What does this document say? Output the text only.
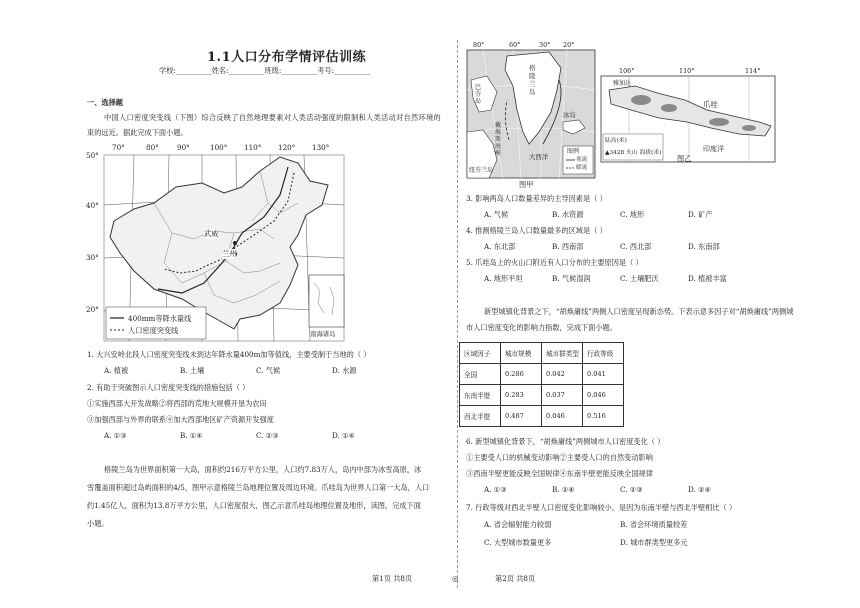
1.1人口分布学情评估训练
学校:__________姓名:__________班级:__________考号:__________
一、选择题
中国人口密度突变线（下图）综合反映了自然地理要素对人类活动强度的限制和人类活动对自然环境的
束的远近。据此完成下面小题。
70°	80°	90°	100° 110° 120° 130°
50°
40°
30°
20°
武威
兰州
400mm等降水量线
人口密度突变线	南海诸岛
1. 大兴安岭北段人口密度突变线未到达年降水量400m加等值线，主要受制于当地的（ ）
A. 植被	B. 土壤	C. 气候	D. 水源
2. 有助于突破图示人口密度突变线的措施包括（ ）
①实施西部大开发战略②将西部的荒地大规模开垦为农田
③加强西部与外界的联系④加大西部地区矿产资源开发强度
A. ①③	B. ①④	C. ②③	D. ①④
格陵兰岛为世界面积第一大岛，面积约216万平方公里，人口约7.83万人，岛内中部为冰雪高原，冰
雪覆盖面积超过岛屿面积的4/5，图甲示意格陵兰岛地理位置及周边环境。爪哇岛为世界人口第一大岛，人口
约1.45亿人，面积为13.8万平方公里，人口密度很大，图乙示意爪哇岛地理位置及地形，读图，完成下面
小题。
80°	60°	30° 20°
格陵兰岛
冰岛
大西洋
纽芬兰岛
巴芬岛
戴维斯海峡	图例
寒流
暖流
图甲
106°	110°	114°
雅加达
爪哇
印度洋
陆高(米)
▲3428 火山 海拔(米)
图乙
3. 影响两岛人口数量差异的主导因素是（ ）
A. 气候	B. 水资源	C. 地形	D. 矿产
4. 推测格陵兰岛人口数量最多的区域是（ ）
A. 东北部	B. 西南部	C. 西北部	D. 东南部
5. 爪哇岛上的火山口附近有人口分布的主要原因是（ ）
A. 地形平坦	B. 气候湿润	C. 土壤肥沃	D. 植被丰富
新型城镇化背景之下，“胡焕庸线”两侧人口密度呈现新态势。下表示意多因子对“胡焕庸线”两侧城
市人口密度变化的影响力指数，完成下面小题。
区域因子	城市规模	城市群类型	行政等级
全国	0.286	0.042	0.041
东南半壁	0.283	0.037	0.046
西北半壁	0.487	0.046	0.516
6. 新型城镇化背景下，“胡焕庸线”两侧城市人口密度变化（ ）
①主要受人口的机械变动影响②主要受人口的自然变动影响
③西南半壁更能反映全国规律④东南半壁更能反映全国规律
A. ①③	B. ②④	C. ②③	D. ②④
7. 行政等级对西北半壁人口密度变化影响较小，是因为东南半壁与西北半壁相比（ ）
A. 省会辐射能力较弱	B. 省会环境质量较差
C. 大型城市数量更多	D. 城市群类型更多元
第1页 共8页	◎	第2页 共8页
